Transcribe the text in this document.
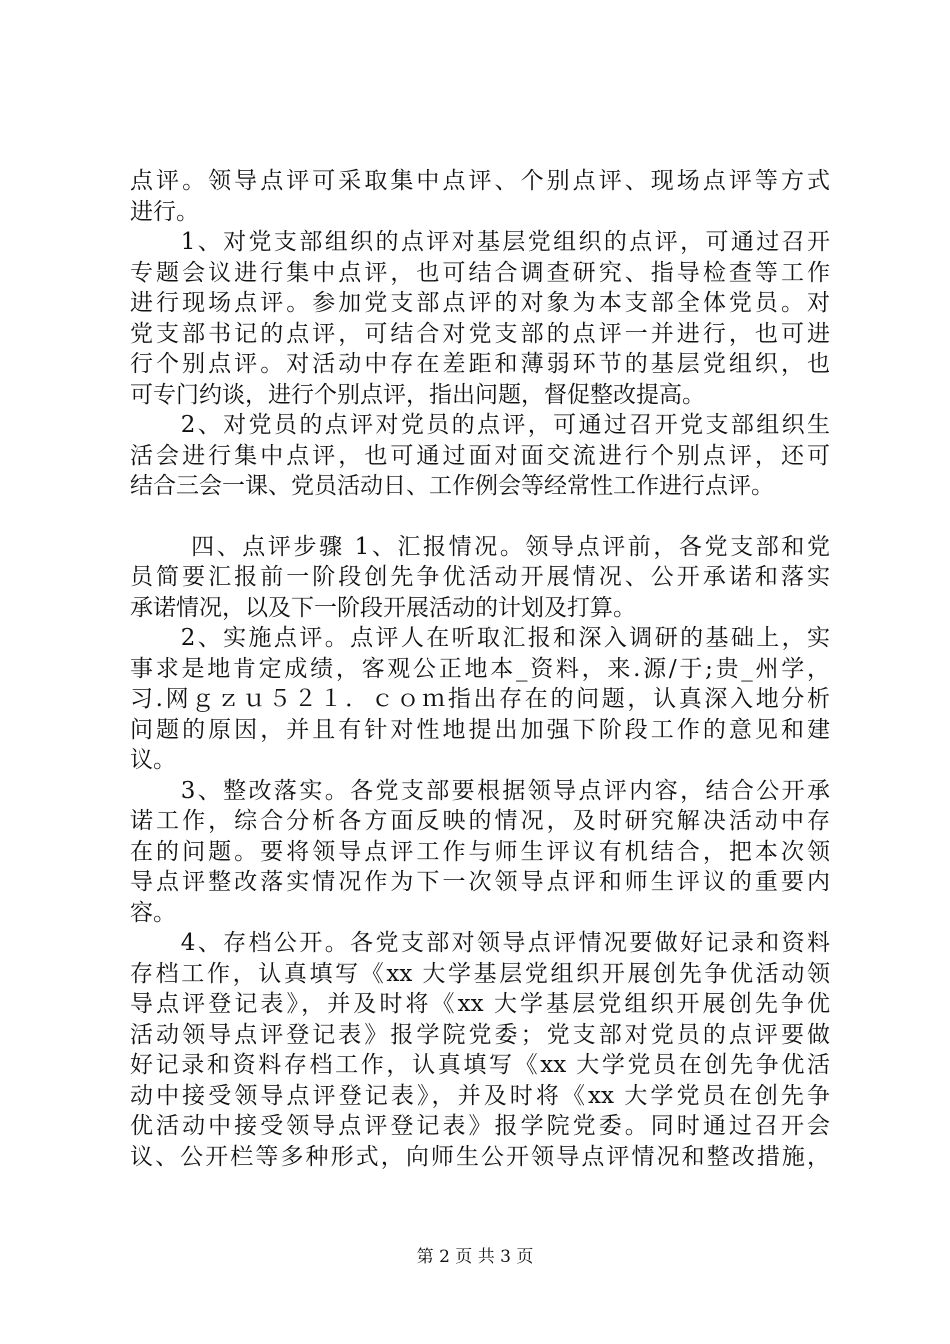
点评。领导点评可采取集中点评、个别点评、现场点评等方式
进行。
　　1、对党支部组织的点评对基层党组织的点评，可通过召开
专题会议进行集中点评，也可结合调查研究、指导检查等工作
进行现场点评。参加党支部点评的对象为本支部全体党员。对
党支部书记的点评，可结合对党支部的点评一并进行，也可进
行个别点评。对活动中存在差距和薄弱环节的基层党组织，也
可专门约谈，进行个别点评，指出问题，督促整改提高。
　　2、对党员的点评对党员的点评，可通过召开党支部组织生
活会进行集中点评，也可通过面对面交流进行个别点评，还可
结合三会一课、党员活动日、工作例会等经常性工作进行点评。
　　 四、点评步骤 1、汇报情况。领导点评前，各党支部和党
员简要汇报前一阶段创先争优活动开展情况、公开承诺和落实
承诺情况，以及下一阶段开展活动的计划及打算。
　　2、实施点评。点评人在听取汇报和深入调研的基础上，实
事求是地肯定成绩，客观公正地本_资料，来.源/于;贵_州学，
习.网ｇｚｕ５２１．ｃｏｍ指出存在的问题，认真深入地分析
问题的原因，并且有针对性地提出加强下阶段工作的意见和建
议。
　　3、整改落实。各党支部要根据领导点评内容，结合公开承
诺工作，综合分析各方面反映的情况，及时研究解决活动中存
在的问题。要将领导点评工作与师生评议有机结合，把本次领
导点评整改落实情况作为下一次领导点评和师生评议的重要内
容。
　　4、存档公开。各党支部对领导点评情况要做好记录和资料
存档工作，认真填写《xx 大学基层党组织开展创先争优活动领
导点评登记表》，并及时将《xx 大学基层党组织开展创先争优
活动领导点评登记表》报学院党委；党支部对党员的点评要做
好记录和资料存档工作，认真填写《xx 大学党员在创先争优活
动中接受领导点评登记表》，并及时将《xx 大学党员在创先争
优活动中接受领导点评登记表》报学院党委。同时通过召开会
议、公开栏等多种形式，向师生公开领导点评情况和整改措施，
第 2 页 共 3 页
